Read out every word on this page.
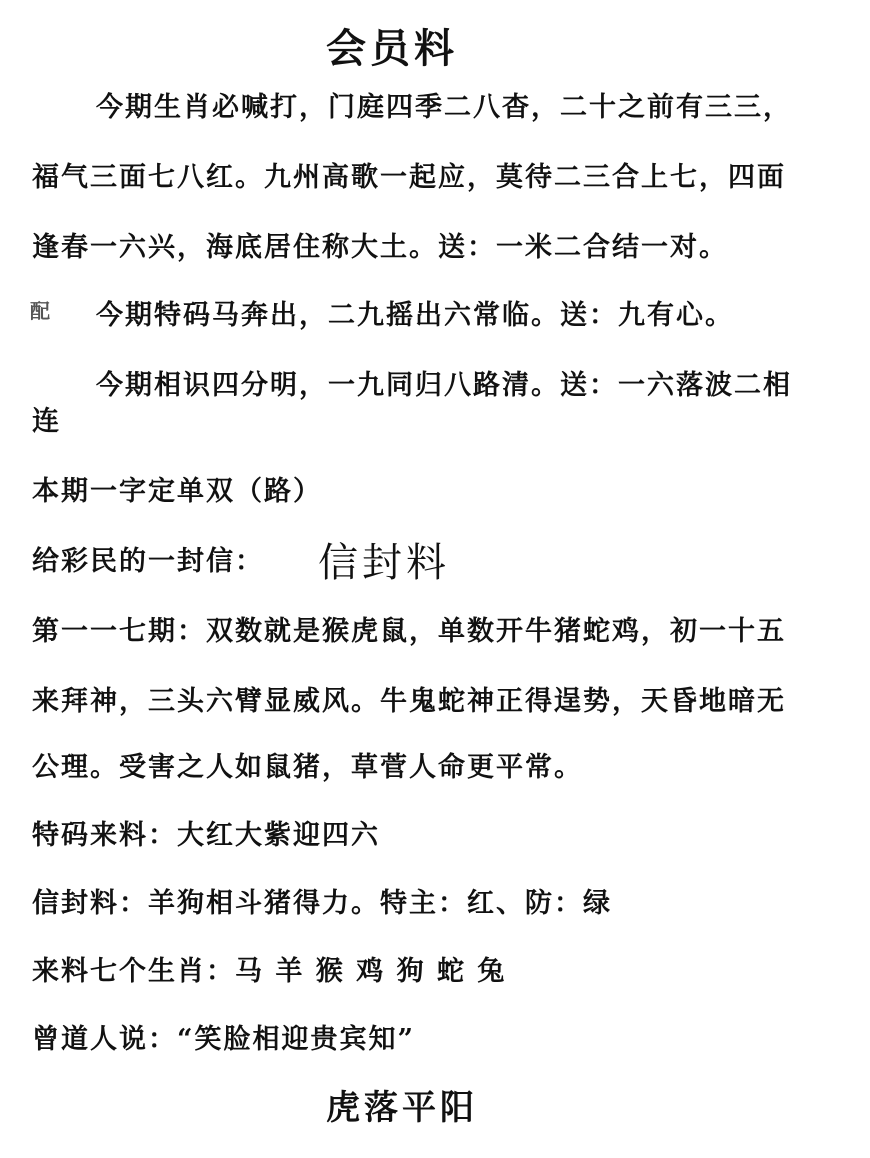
会员料
今期生肖必喊打，门庭四季二八杳，二十之前有三三，
福气三面七八红。九州高歌一起应，莫待二三合上七，四面
逢春一六兴，海底居住称大土。送：一米二合结一对。
配 今期特码马奔出，二九摇出六常临。送：九有心。
今期相识四分明，一九同归八路清。送：一六落波二相
连
本期一字定单双（路）
给彩民的一封信：	信封料
第一一七期：双数就是猴虎鼠，单数开牛猪蛇鸡，初一十五
来拜神，三头六臂显威风。牛鬼蛇神正得逞势，天昏地暗无
公理。受害之人如鼠猪，草菅人命更平常。
特码来料：大红大紫迎四六
信封料：羊狗相斗猪得力。特主：红、防：绿
来料七个生肖：马 羊 猴 鸡 狗 蛇 兔
曾道人说：“笑脸相迎贵宾知”
虎落平阳
